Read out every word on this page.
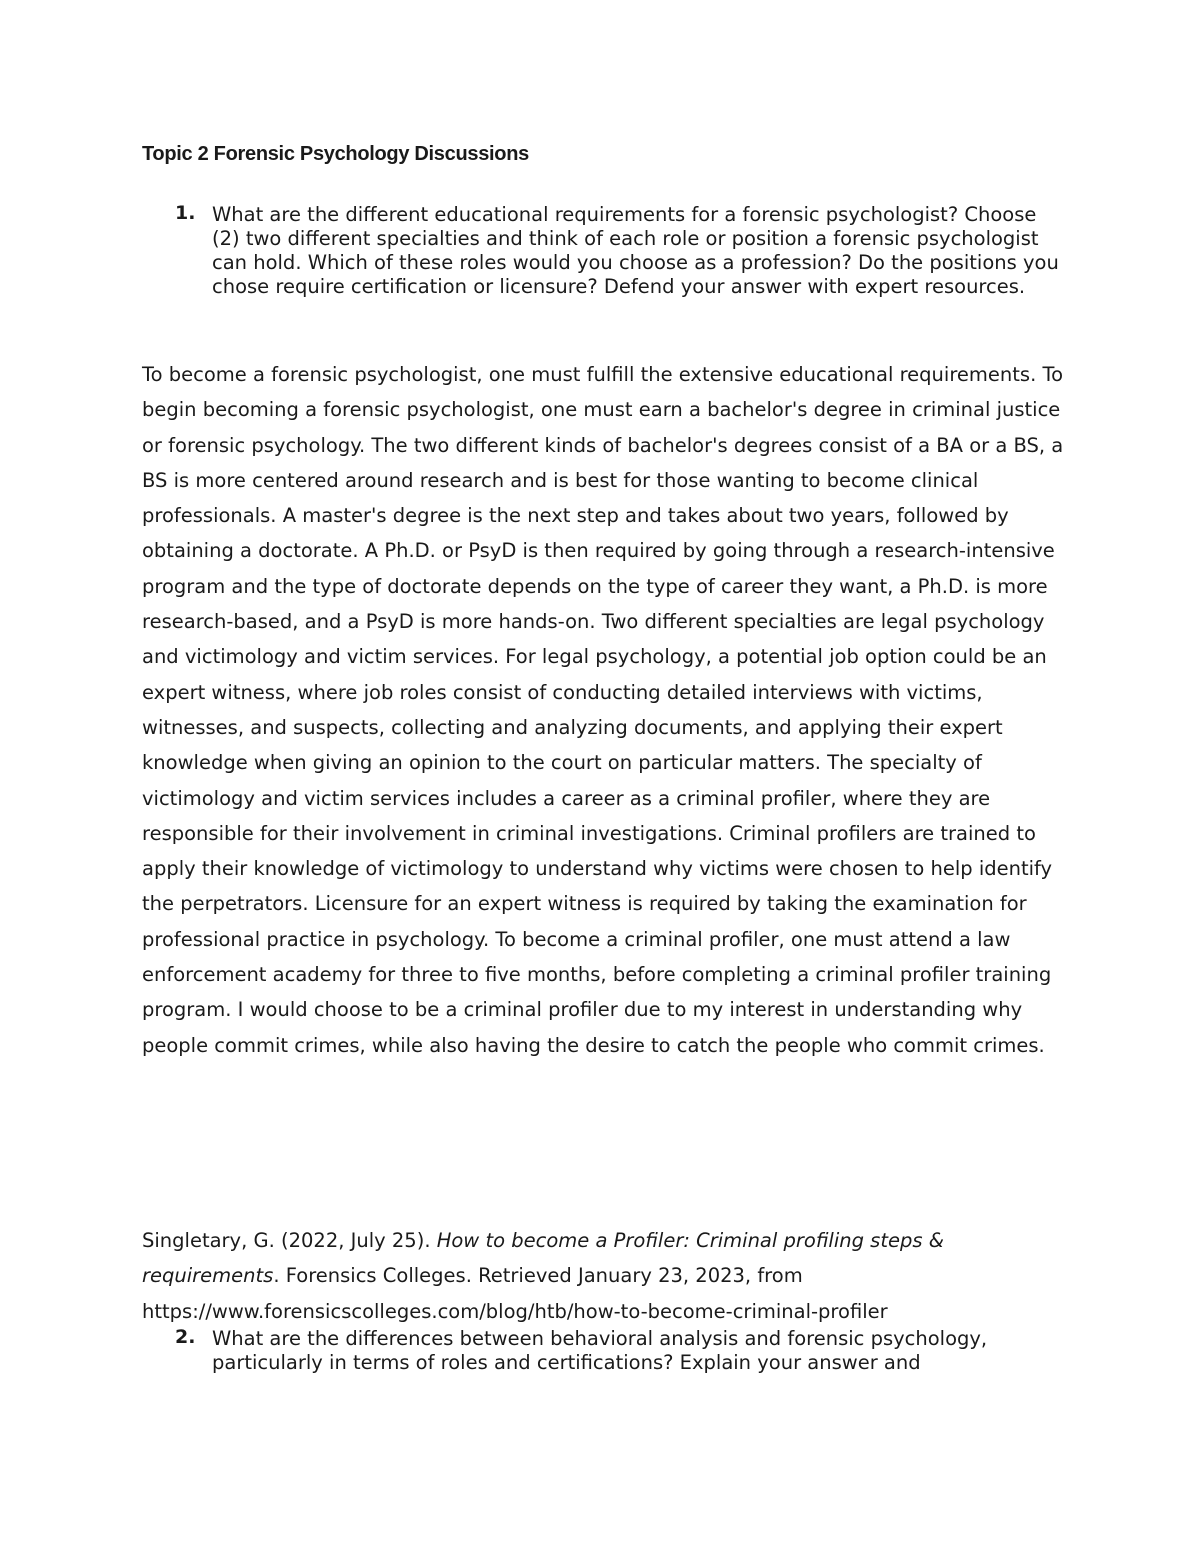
Topic 2 Forensic Psychology Discussions
1. What are the different educational requirements for a forensic psychologist? Choose (2) two different specialties and think of each role or position a forensic psychologist can hold. Which of these roles would you choose as a profession? Do the positions you chose require certification or licensure? Defend your answer with expert resources.

To become a forensic psychologist, one must fulfill the extensive educational requirements. To begin becoming a forensic psychologist, one must earn a bachelor's degree in criminal justice or forensic psychology. The two different kinds of bachelor's degrees consist of a BA or a BS, a BS is more centered around research and is best for those wanting to become clinical professionals. A master's degree is the next step and takes about two years, followed by obtaining a doctorate. A Ph.D. or PsyD is then required by going through a research-intensive program and the type of doctorate depends on the type of career they want, a Ph.D. is more research-based, and a PsyD is more hands-on. Two different specialties are legal psychology and victimology and victim services. For legal psychology, a potential job option could be an expert witness, where job roles consist of conducting detailed interviews with victims, witnesses, and suspects, collecting and analyzing documents, and applying their expert knowledge when giving an opinion to the court on particular matters. The specialty of victimology and victim services includes a career as a criminal profiler, where they are responsible for their involvement in criminal investigations. Criminal profilers are trained to apply their knowledge of victimology to understand why victims were chosen to help identify the perpetrators. Licensure for an expert witness is required by taking the examination for professional practice in psychology. To become a criminal profiler, one must attend a law enforcement academy for three to five months, before completing a criminal profiler training program. I would choose to be a criminal profiler due to my interest in understanding why people commit crimes, while also having the desire to catch the people who commit crimes.

Singletary, G. (2022, July 25). How to become a Profiler: Criminal profiling steps & requirements. Forensics Colleges. Retrieved January 23, 2023, from
https://www.forensicscolleges.com/blog/htb/how-to-become-criminal-profiler

2. What are the differences between behavioral analysis and forensic psychology, particularly in terms of roles and certifications? Explain your answer and
